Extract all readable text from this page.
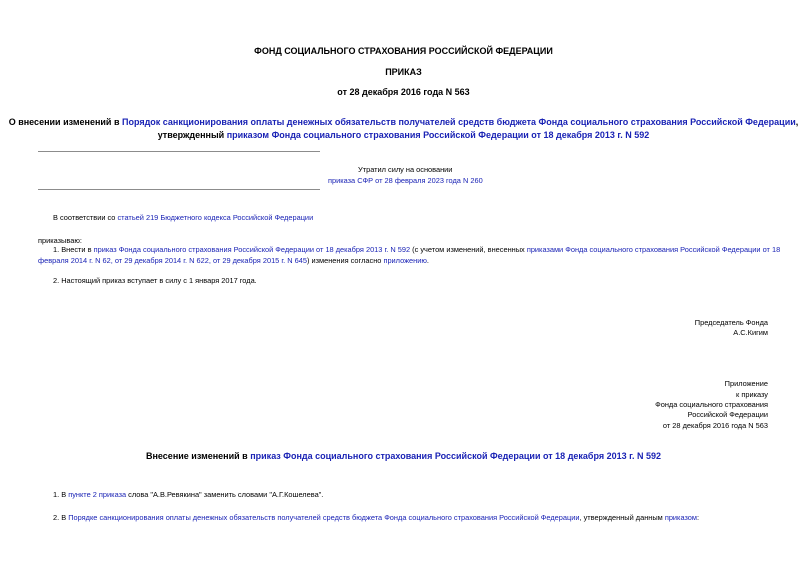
ФОНД СОЦИАЛЬНОГО СТРАХОВАНИЯ РОССИЙСКОЙ ФЕДЕРАЦИИ
ПРИКАЗ
от 28 декабря 2016 года N 563
О внесении изменений в Порядок санкционирования оплаты денежных обязательств получателей средств бюджета Фонда социального страхования Российской Федерации, утвержденный приказом Фонда социального страхования Российской Федерации от 18 декабря 2013 г. N 592
Утратил силу на основании
приказа СФР от 28 февраля 2023 года N 260
В соответствии со статьей 219 Бюджетного кодекса Российской Федерации
приказываю:
1. Внести в приказ Фонда социального страхования Российской Федерации от 18 декабря 2013 г. N 592 (с учетом изменений, внесенных приказами Фонда социального страхования Российской Федерации от 18
февраля 2014 г. N 62, от 29 декабря 2014 г. N 622, от 29 декабря 2015 г. N 645) изменения согласно приложению.
2. Настоящий приказ вступает в силу с 1 января 2017 года.
Председатель Фонда
А.С.Кигим
Приложение
к приказу
Фонда социального страхования
Российской Федерации
от 28 декабря 2016 года N 563
Внесение изменений в приказ Фонда социального страхования Российской Федерации от 18 декабря 2013 г. N 592
1. В пункте 2 приказа слова "А.В.Ревякина" заменить словами "А.Г.Кошелева".
2. В Порядке санкционирования оплаты денежных обязательств получателей средств бюджета Фонда социального страхования Российской Федерации, утвержденный данным приказом:
